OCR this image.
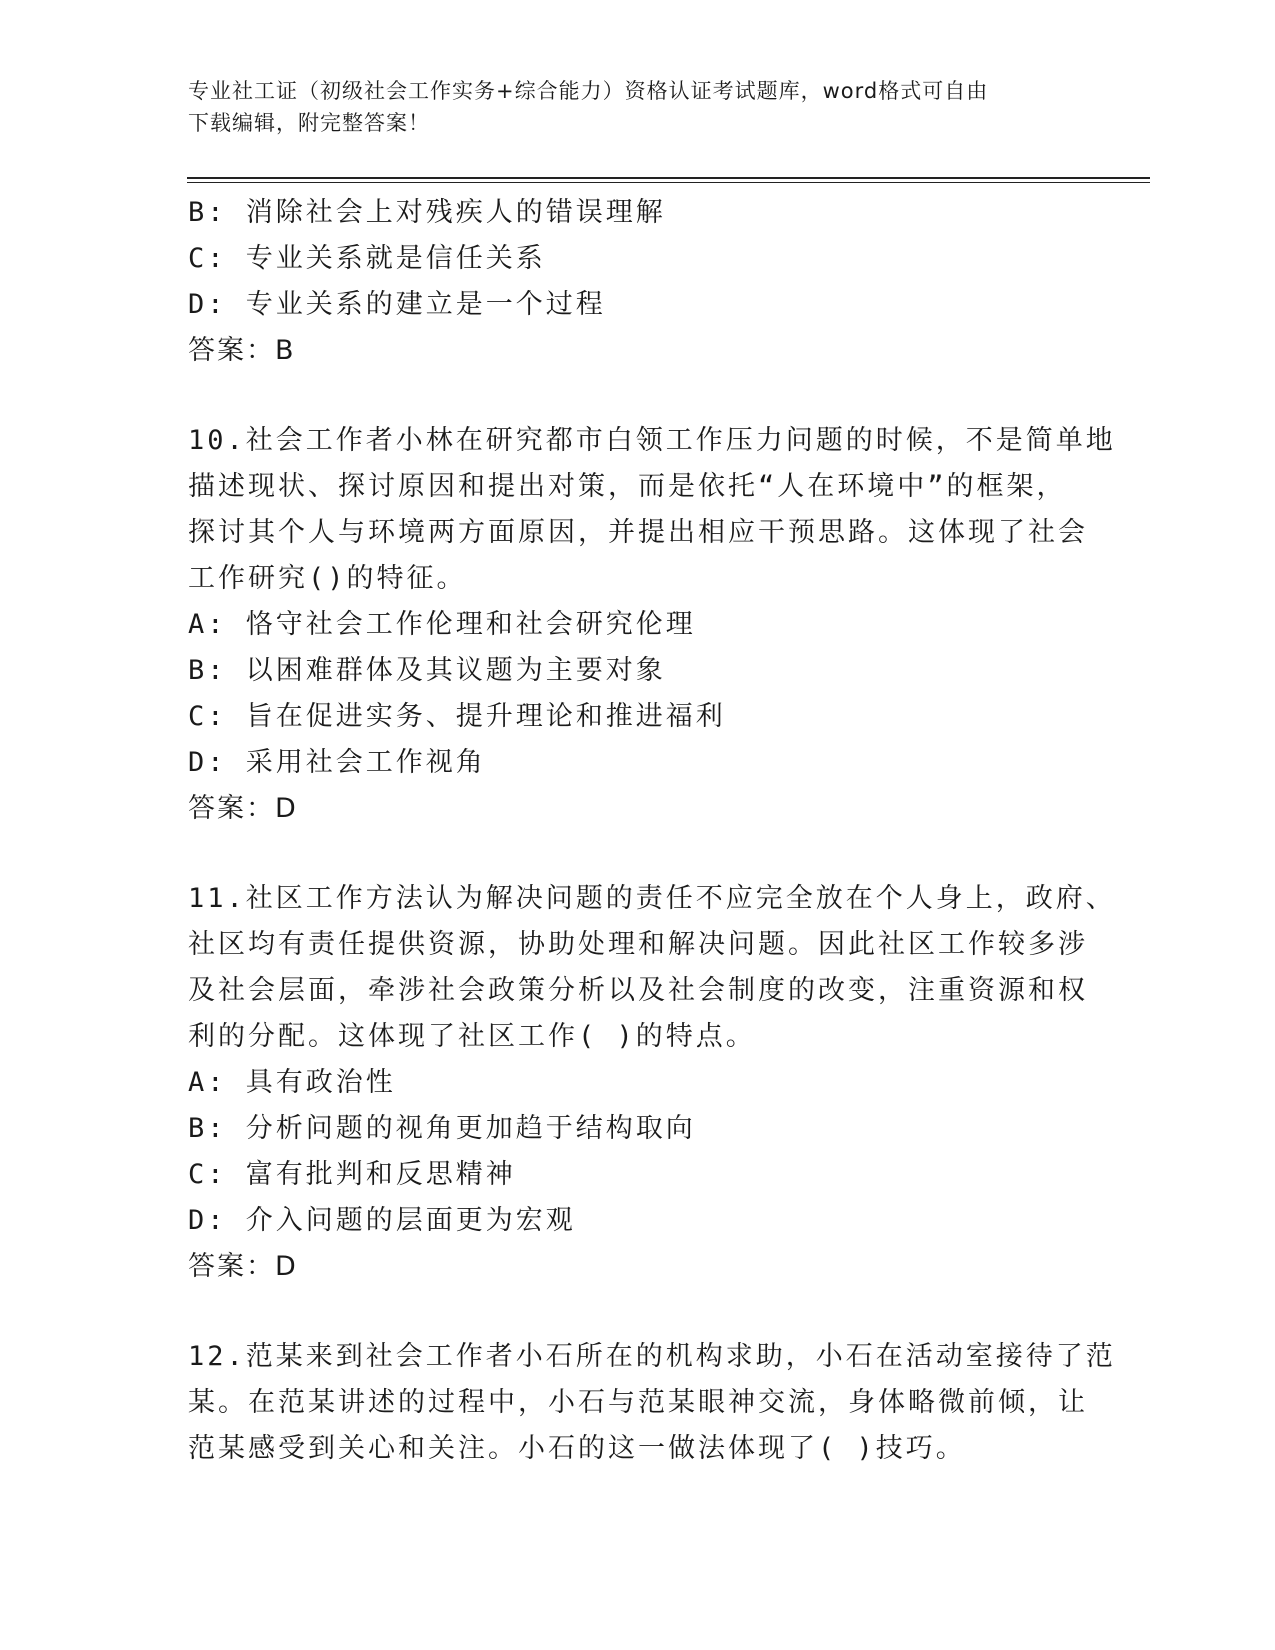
专业社工证（初级社会工作实务+综合能力）资格认证考试题库，word格式可自由
下载编辑，附完整答案！
B: 消除社会上对残疾人的错误理解
C: 专业关系就是信任关系
D: 专业关系的建立是一个过程
答案：B
10.社会工作者小林在研究都市白领工作压力问题的时候，不是简单地
描述现状、探讨原因和提出对策，而是依托“人在环境中”的框架，
探讨其个人与环境两方面原因，并提出相应干预思路。这体现了社会
工作研究()的特征。
A: 恪守社会工作伦理和社会研究伦理
B: 以困难群体及其议题为主要对象
C: 旨在促进实务、提升理论和推进福利
D: 采用社会工作视角
答案：D
11.社区工作方法认为解决问题的责任不应完全放在个人身上，政府、
社区均有责任提供资源，协助处理和解决问题。因此社区工作较多涉
及社会层面，牵涉社会政策分析以及社会制度的改变，注重资源和权
利的分配。这体现了社区工作( )的特点。
A: 具有政治性
B: 分析问题的视角更加趋于结构取向
C: 富有批判和反思精神
D: 介入问题的层面更为宏观
答案：D
12.范某来到社会工作者小石所在的机构求助，小石在活动室接待了范
某。在范某讲述的过程中，小石与范某眼神交流，身体略微前倾，让
范某感受到关心和关注。小石的这一做法体现了( )技巧。
